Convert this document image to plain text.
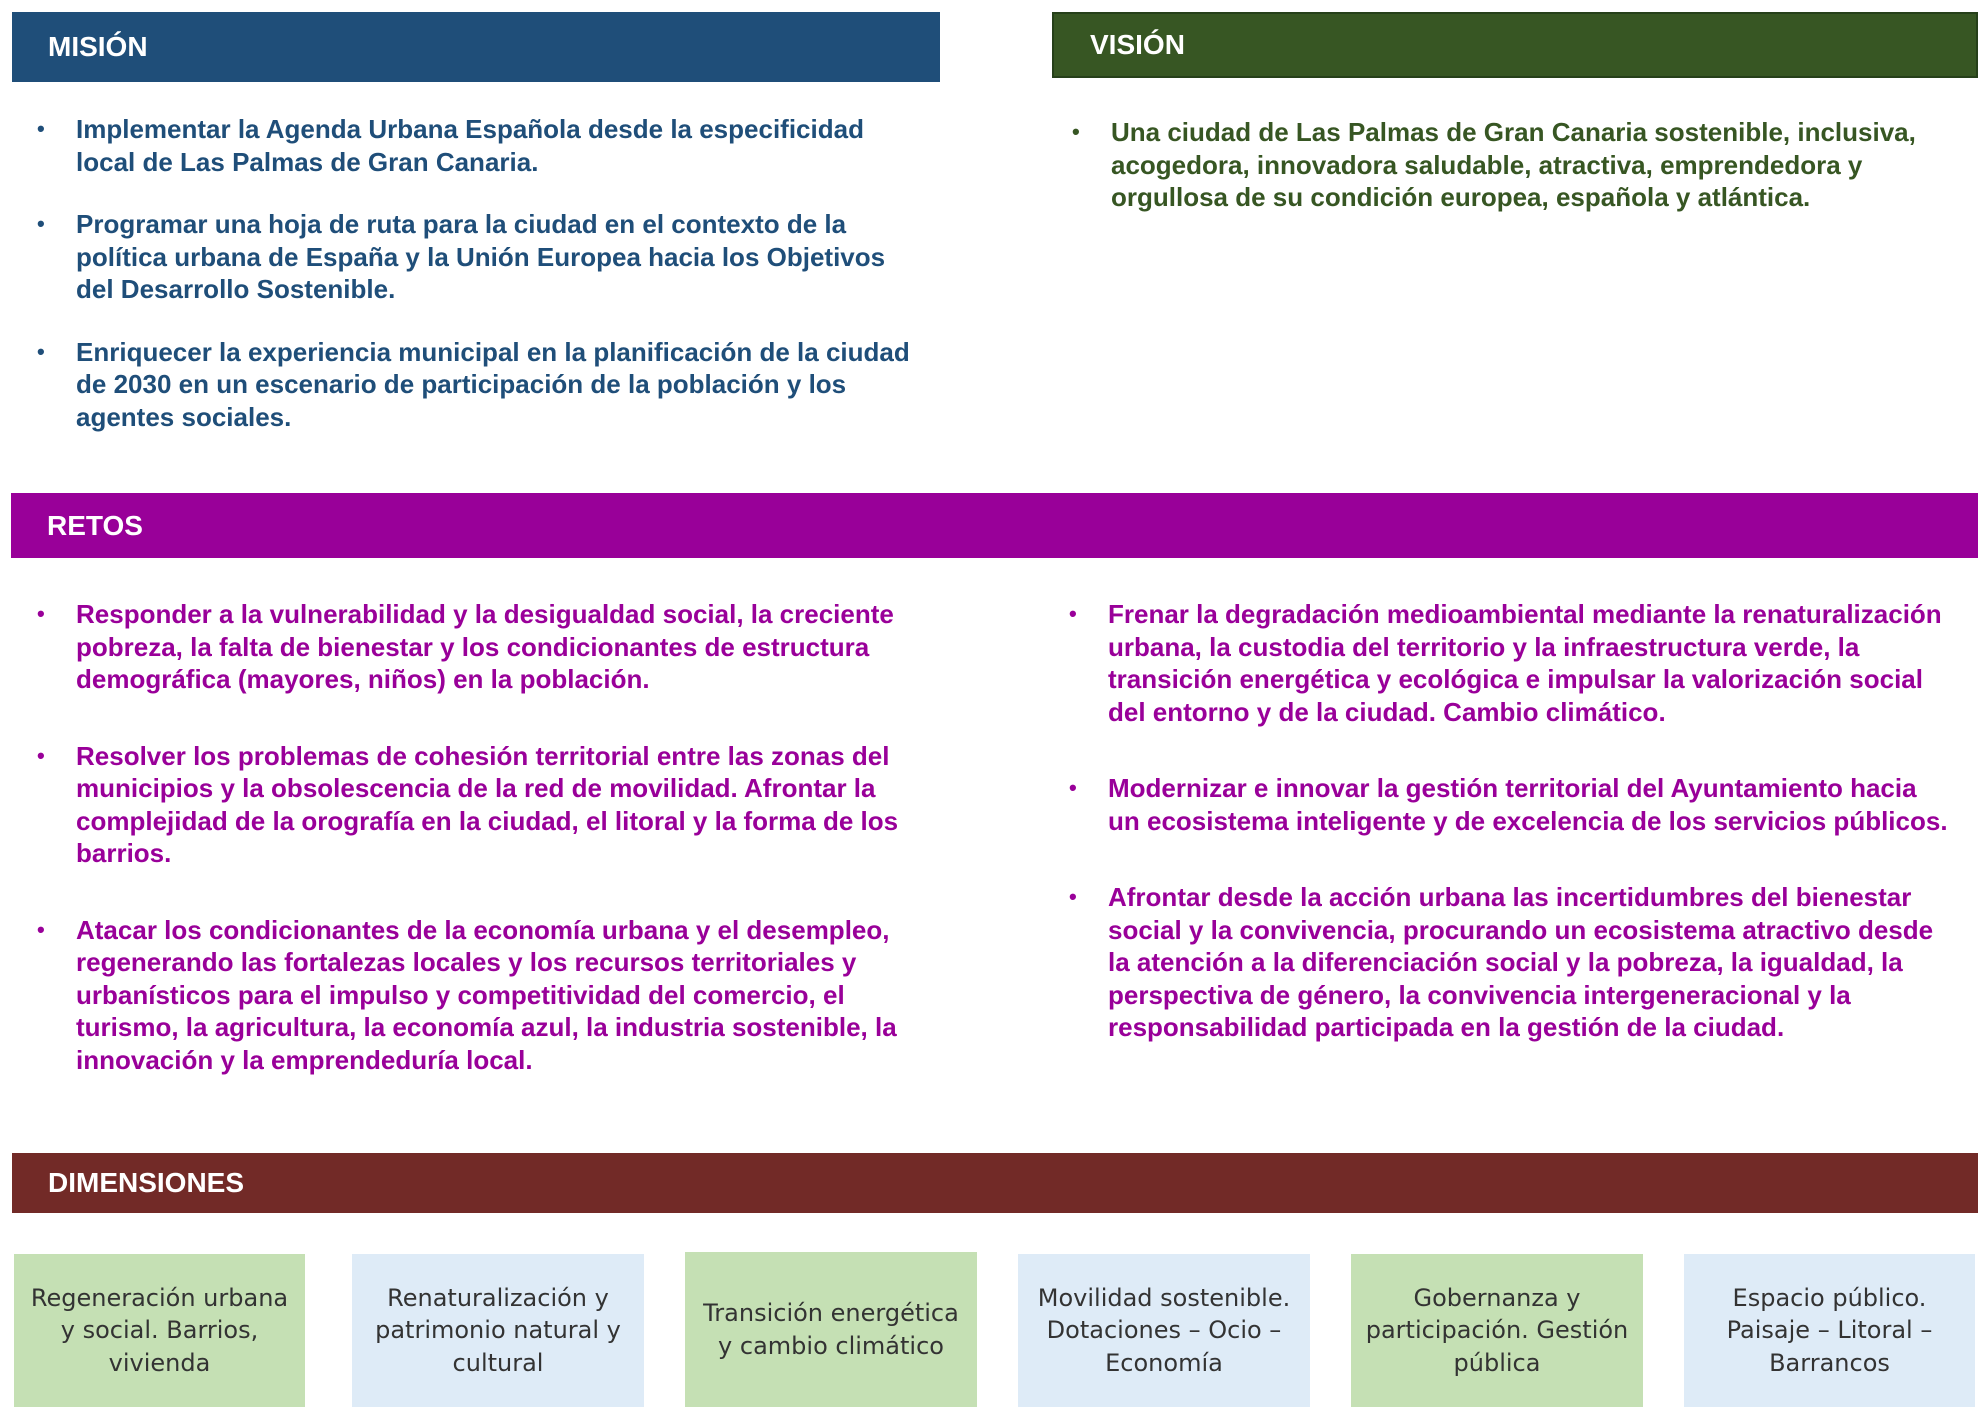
MISIÓN
• Implementar la Agenda Urbana Española desde la especificidad local de Las Palmas de Gran Canaria.
• Programar una hoja de ruta para la ciudad en el contexto de la política urbana de España y la Unión Europea hacia los Objetivos del Desarrollo Sostenible.
• Enriquecer la experiencia municipal en la planificación de la ciudad de 2030 en un escenario de participación de la población y los agentes sociales.
VISIÓN
• Una ciudad de Las Palmas de Gran Canaria sostenible, inclusiva, acogedora, innovadora saludable, atractiva, emprendedora y orgullosa de su condición europea, española y atlántica.
RETOS
• Responder a la vulnerabilidad y la desigualdad social, la creciente pobreza, la falta de bienestar y los condicionantes de estructura demográfica (mayores, niños) en la población.
• Resolver los problemas de cohesión territorial entre las zonas del municipios y la obsolescencia de la red de movilidad. Afrontar la complejidad de la orografía en la ciudad, el litoral y la forma de los barrios.
• Atacar los condicionantes de la economía urbana y el desempleo, regenerando las fortalezas locales y los recursos territoriales y urbanísticos para el impulso y competitividad del comercio, el turismo, la agricultura, la economía azul, la industria sostenible, la innovación y la emprendeduría local.
• Frenar la degradación medioambiental mediante la renaturalización urbana, la custodia del territorio y la infraestructura verde, la transición energética y ecológica e impulsar la valorización social del entorno y de la ciudad. Cambio climático.
• Modernizar e innovar la gestión territorial del Ayuntamiento hacia un ecosistema inteligente y de excelencia de los servicios públicos.
• Afrontar desde la acción urbana las incertidumbres del bienestar social y la convivencia, procurando un ecosistema atractivo desde la atención a la diferenciación social y la pobreza, la igualdad, la perspectiva de género, la convivencia intergeneracional y la responsabilidad participada en la gestión de la ciudad.
DIMENSIONES
Regeneración urbana y social. Barrios, vivienda
Renaturalización y patrimonio natural y cultural
Transición energética y cambio climático
Movilidad sostenible. Dotaciones – Ocio – Economía
Gobernanza y participación. Gestión pública
Espacio público. Paisaje – Litoral – Barrancos
